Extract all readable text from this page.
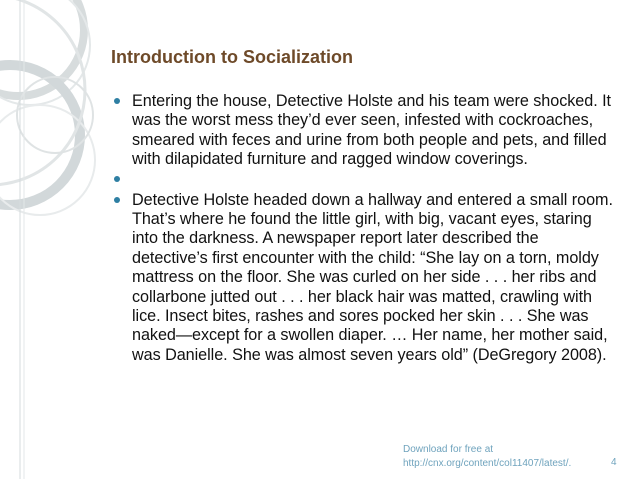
Introduction to Socialization
Entering the house, Detective Holste and his team were shocked. It was the worst mess they’d ever seen, infested with cockroaches, smeared with feces and urine from both people and pets, and filled with dilapidated furniture and ragged window coverings.
Detective Holste headed down a hallway and entered a small room. That’s where he found the little girl, with big, vacant eyes, staring into the darkness. A newspaper report later described the detective’s first encounter with the child: “She lay on a torn, moldy mattress on the floor. She was curled on her side . . . her ribs and collarbone jutted out . . . her black hair was matted, crawling with lice. Insect bites, rashes and sores pocked her skin . . . She was naked—except for a swollen diaper. … Her name, her mother said, was Danielle. She was almost seven years old” (DeGregory 2008).
Download for free at
http://cnx.org/content/col11407/latest/.	4
